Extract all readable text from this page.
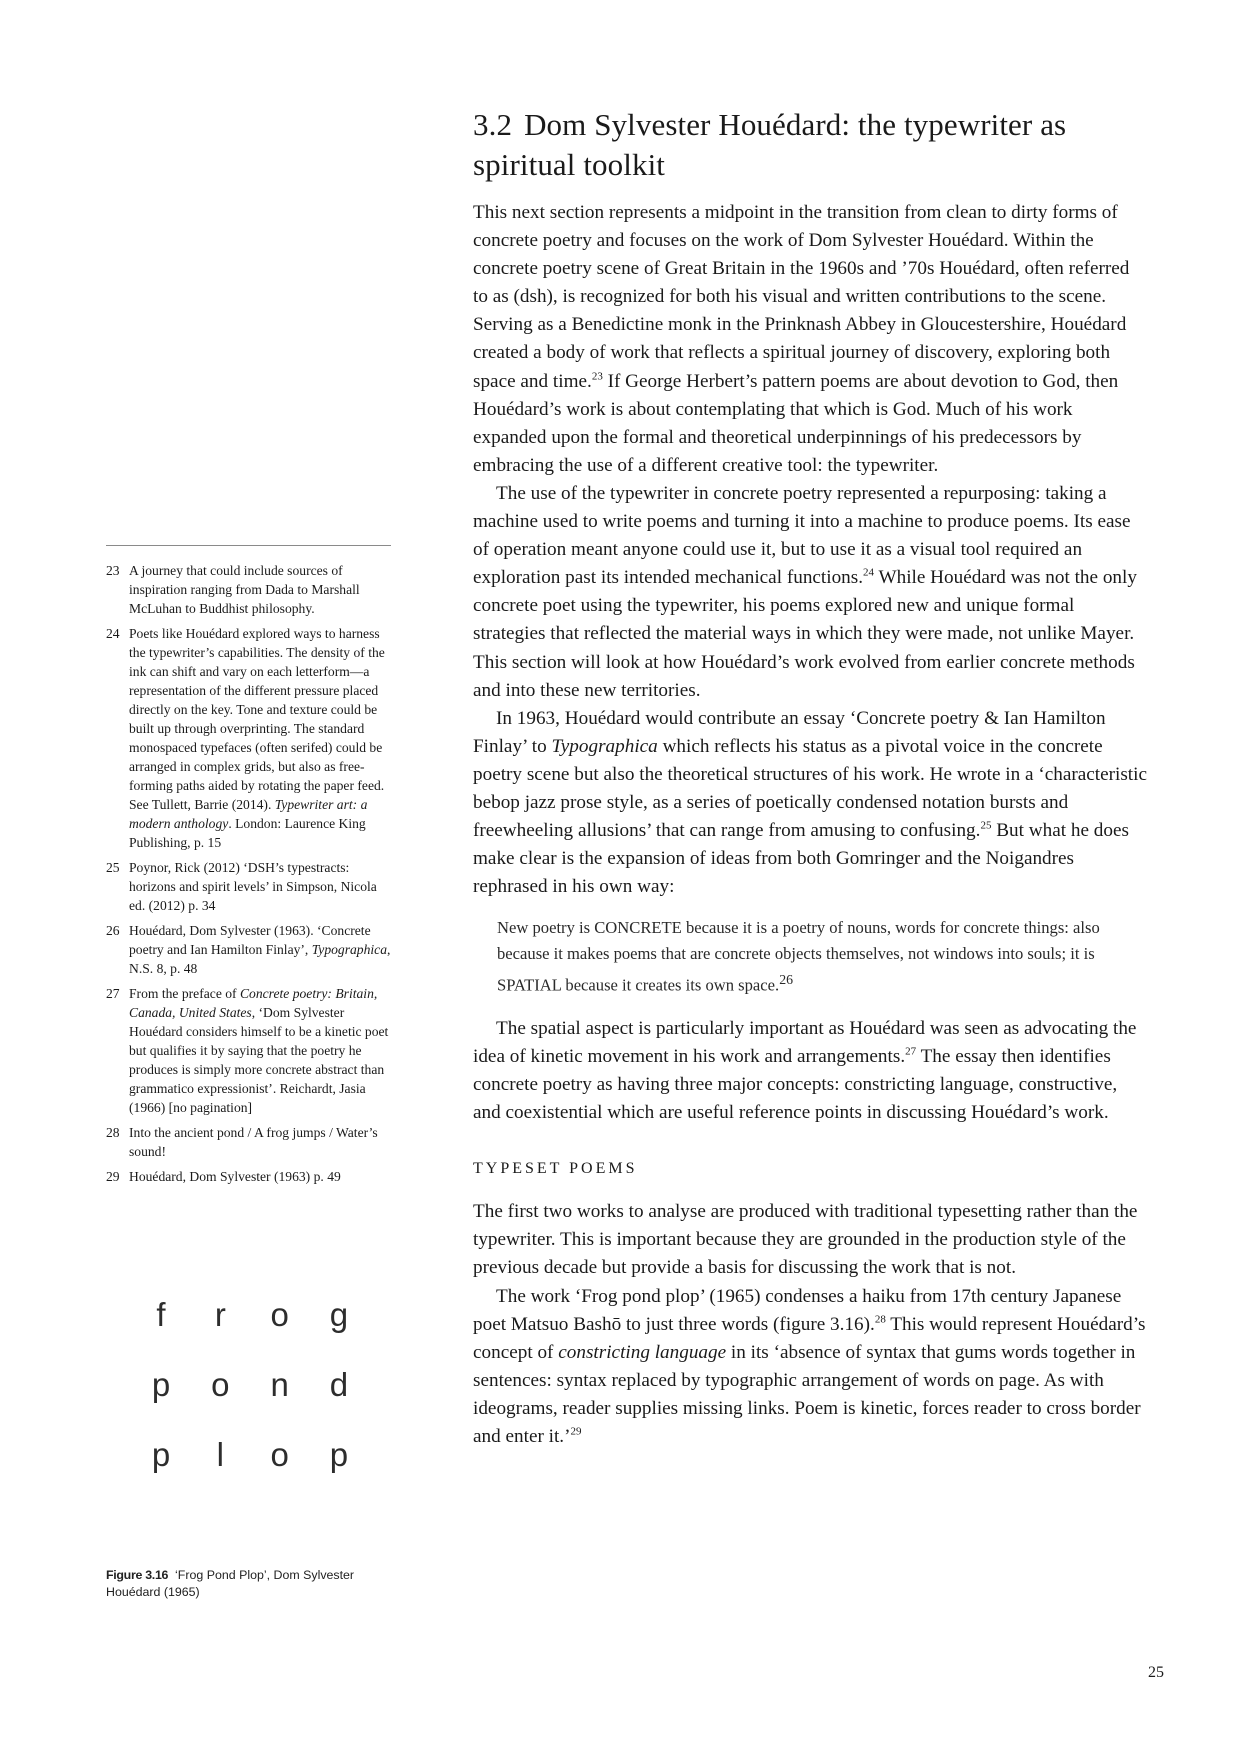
3.2 Dom Sylvester Houédard: the typewriter as spiritual toolkit

This next section represents a midpoint in the transition from clean to dirty forms of concrete poetry and focuses on the work of Dom Sylvester Houédard. Within the concrete poetry scene of Great Britain in the 1960s and ’70s Houédard, often referred to as (dsh), is recognized for both his visual and written contributions to the scene. Serving as a Benedictine monk in the Prinknash Abbey in Gloucestershire, Houédard created a body of work that reflects a spiritual journey of discovery, exploring both space and time.$^{23}$ If George Herbert’s pattern poems are about devotion to God, then Houédard’s work is about contemplating that which is God. Much of his work expanded upon the formal and theoretical underpinnings of his predecessors by embracing the use of a different creative tool: the typewriter.

The use of the typewriter in concrete poetry represented a repurposing: taking a machine used to write poems and turning it into a machine to produce poems. Its ease of operation meant anyone could use it, but to use it as a visual tool required an exploration past its intended mechanical functions.$^{24}$ While Houédard was not the only concrete poet using the typewriter, his poems explored new and unique formal strategies that reflected the material ways in which they were made, not unlike Mayer. This section will look at how Houédard’s work evolved from earlier concrete methods and into these new territories.

In 1963, Houédard would contribute an essay ‘Concrete poetry & Ian Hamilton Finlay’ to Typographica which reflects his status as a pivotal voice in the concrete poetry scene but also the theoretical structures of his work. He wrote in a ‘characteristic bebop jazz prose style, as a series of poetically condensed notation bursts and freewheeling allusions’ that can range from amusing to confusing.$^{25}$ But what he does make clear is the expansion of ideas from both Gomringer and the Noigandres rephrased in his own way:

New poetry is CONCRETE because it is a poetry of nouns, words for concrete things: also because it makes poems that are concrete objects themselves, not windows into souls; it is SPATIAL because it creates its own space.$^{26}$

The spatial aspect is particularly important as Houédard was seen as advocating the idea of kinetic movement in his work and arrangements.$^{27}$ The essay then identifies concrete poetry as having three major concepts: constricting language, constructive, and coexistential which are useful reference points in discussing Houédard’s work.

TYPESET POEMS

The first two works to analyse are produced with traditional typesetting rather than the typewriter. This is important because they are grounded in the production style of the previous decade but provide a basis for discussing the work that is not.

The work ‘Frog pond plop’ (1965) condenses a haiku from 17th century Japanese poet Matsuo Bashō to just three words (figure 3.16).$^{28}$ This would represent Houédard’s concept of constricting language in its ‘absence of syntax that gums words together in sentences: syntax replaced by typographic arrangement of words on page. As with ideograms, reader supplies missing links. Poem is kinetic, forces reader to cross border and enter it.’$^{29}$

23 A journey that could include sources of inspiration ranging from Dada to Marshall McLuhan to Buddhist philosophy.
24 Poets like Houédard explored ways to harness the typewriter’s capabilities. The density of the ink can shift and vary on each letterform—a representation of the different pressure placed directly on the key. Tone and texture could be built up through overprinting. The standard monospaced typefaces (often serifed) could be arranged in complex grids, but also as free-forming paths aided by rotating the paper feed. See Tullett, Barrie (2014). Typewriter art: a modern anthology. London: Laurence King Publishing, p. 15
25 Poynor, Rick (2012) ‘DSH’s typestracts: horizons and spirit levels’ in Simpson, Nicola ed. (2012) p. 34
26 Houédard, Dom Sylvester (1963). ‘Concrete poetry and Ian Hamilton Finlay’, Typographica, N.S. 8, p. 48
27 From the preface of Concrete poetry: Britain, Canada, United States, ‘Dom Sylvester Houédard considers himself to be a kinetic poet but qualifies it by saying that the poetry he produces is simply more concrete abstract than grammatico expressionist’. Reichardt, Jasia (1966) [no pagination]
28 Into the ancient pond / A frog jumps / Water’s sound!
29 Houédard, Dom Sylvester (1963) p. 49
f r o g
p o n d
p l o p
Figure 3.16 ‘Frog Pond Plop’, Dom Sylvester Houédard (1965)
25
